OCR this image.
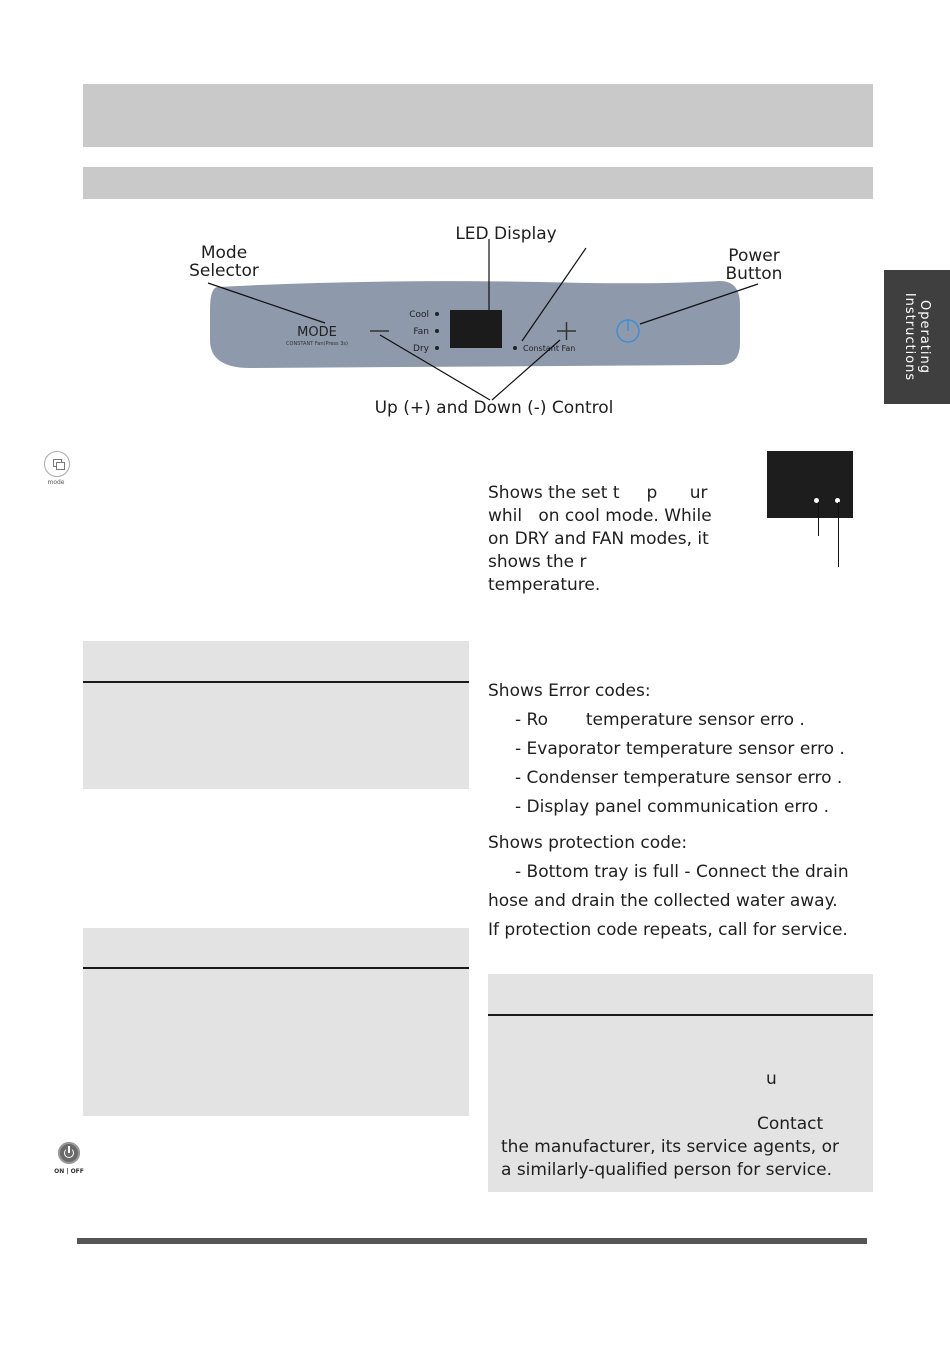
Operating
Instructions
MODE
CONSTANT Fan(Press 3s)
Cool
Fan
Dry	Constant Fan
Mode
Selector
LED Display
Power
Button
Up (+) and Down (-) Control
mode
Shows the set t     p      ur
whil   on cool mode. While
on DRY and FAN modes, it
shows the r
temperature.
Shows Error codes:
- Ro       temperature sensor erro .
- Evaporator temperature sensor erro .
- Condenser temperature sensor erro .
- Display panel communication erro .
Shows protection code:
- Bottom tray is full - Connect the drain
hose and drain the collected water away.
If protection code repeats, call for service.
u
Contact
the manufacturer, its service agents, or
a similarly-qualified person for service.
ON | OFF
